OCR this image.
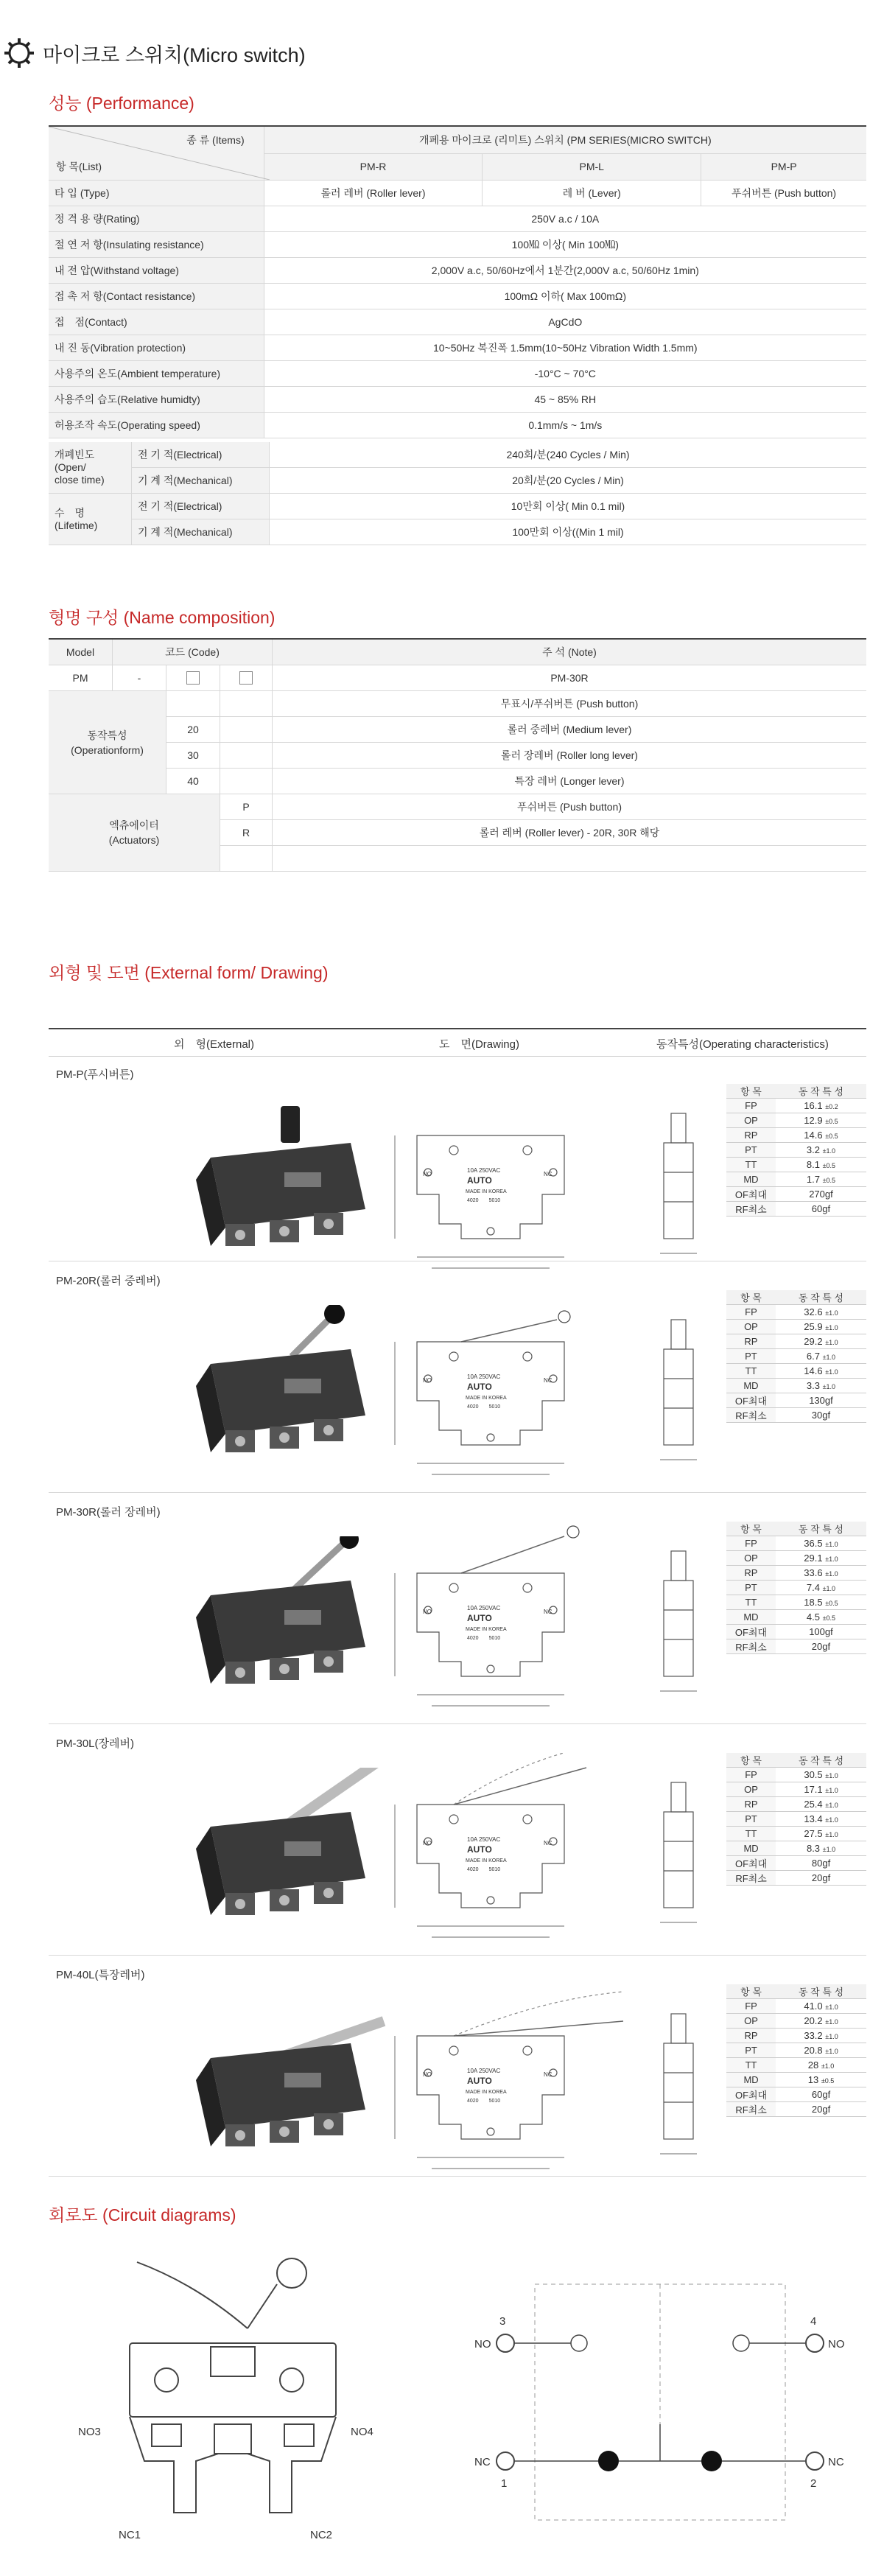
마이크로 스위치(Micro switch)
성능 (Performance)
종 류 (Items)
항 목(List)	개폐용 마이크로 (리미트) 스위치 (PM SERIES(MICRO SWITCH)		
	PM-R	PM-L	PM-P
타 입 (Type)	롤러 레버 (Roller lever)	레 버 (Lever)	푸쉬버튼 (Push button)
정 격 용 량(Rating)	250V a.c / 10A		
절 연 저 항(Insulating resistance)	100㏁ 이상( Min 100㏁)		
내 전 압(Withstand voltage)	2,000V a.c, 50/60Hz에서 1분간(2,000V a.c, 50/60Hz 1min)		
접 촉 저 항(Contact resistance)	100mΩ 이하( Max 100mΩ)		
접　점(Contact)	AgCdO		
내 진 동(Vibration protection)	10~50Hz 복진폭 1.5mm(10~50Hz Vibration Width 1.5mm)		
사용주의 온도(Ambient temperature)	-10°C ~ 70°C		
사용주의 습도(Relative humidty)	45 ~ 85% RH		
허용조작 속도(Operating speed)	0.1mm/s ~ 1m/s		
개폐빈도
(Open/
close time)	전 기 적(Electrical)	240회/분(240 Cycles / Min)
	기 계 적(Mechanical)	20회/분(20 Cycles / Min)
수　명
(Lifetime)	전 기 적(Electrical)	10만회 이상( Min 0.1 mil)
	기 계 적(Mechanical)	100만회 이상((Min 1 mil)
형명 구성 (Name composition)
Model	코드 (Code)			주 석 (Note)
PM	-			PM-30R
동작특성
(Operationform)				무표시/푸쉬버튼 (Push button)
		20		롤러 중레버 (Medium lever)
		30		롤러 장레버 (Roller long lever)
		40		특장 레버 (Longer lever)
엑츄에이터
(Actuators)			P	푸쉬버튼 (Push button)
			R	롤러 레버 (Roller lever) - 20R, 30R 해당

외형 및 도면 (External form/ Drawing)
외　형(External)	도　면(Drawing)	동작특성(Operating characteristics)
PM-P(푸시버튼)
10A 250VAC
AUTO
MADE IN KOREA
4020　　5010
NO	NC
항 목	동 작 특 성
FP	16.1 ±0.2
OP	12.9 ±0.5
RP	14.6 ±0.5
PT	3.2 ±1.0
TT	8.1 ±0.5
MD	1.7 ±0.5
OF최대	270gf
RF최소	60gf
PM-20R(롤러 중레버)
10A 250VAC
AUTO
MADE IN KOREA
4020　　5010
NO	NC
항 목	동 작 특 성
FP	32.6 ±1.0
OP	25.9 ±1.0
RP	29.2 ±1.0
PT	6.7 ±1.0
TT	14.6 ±1.0
MD	3.3 ±1.0
OF최대	130gf
RF최소	30gf
PM-30R(롤러 장레버)
10A 250VAC
AUTO
MADE IN KOREA
4020　　5010
NO	NC
항 목	동 작 특 성
FP	36.5 ±1.0
OP	29.1 ±1.0
RP	33.6 ±1.0
PT	7.4 ±1.0
TT	18.5 ±0.5
MD	4.5 ±0.5
OF최대	100gf
RF최소	20gf
PM-30L(장레버)
10A 250VAC
AUTO
MADE IN KOREA
4020　　5010
NO	NC
항 목	동 작 특 성
FP	30.5 ±1.0
OP	17.1 ±1.0
RP	25.4 ±1.0
PT	13.4 ±1.0
TT	27.5 ±1.0
MD	8.3 ±1.0
OF최대	80gf
RF최소	20gf
PM-40L(특장레버)
10A 250VAC
AUTO
MADE IN KOREA
4020　　5010
NO	NC
항 목	동 작 특 성
FP	41.0 ±1.0
OP	20.2 ±1.0
RP	33.2 ±1.0
PT	20.8 ±1.0
TT	28 ±1.0
MD	13 ±0.5
OF최대	60gf
RF최소	20gf
회로도 (Circuit diagrams)
NO3	NO4
NC1	NC2
3
NO
4
NO
NC
1
NC
2
